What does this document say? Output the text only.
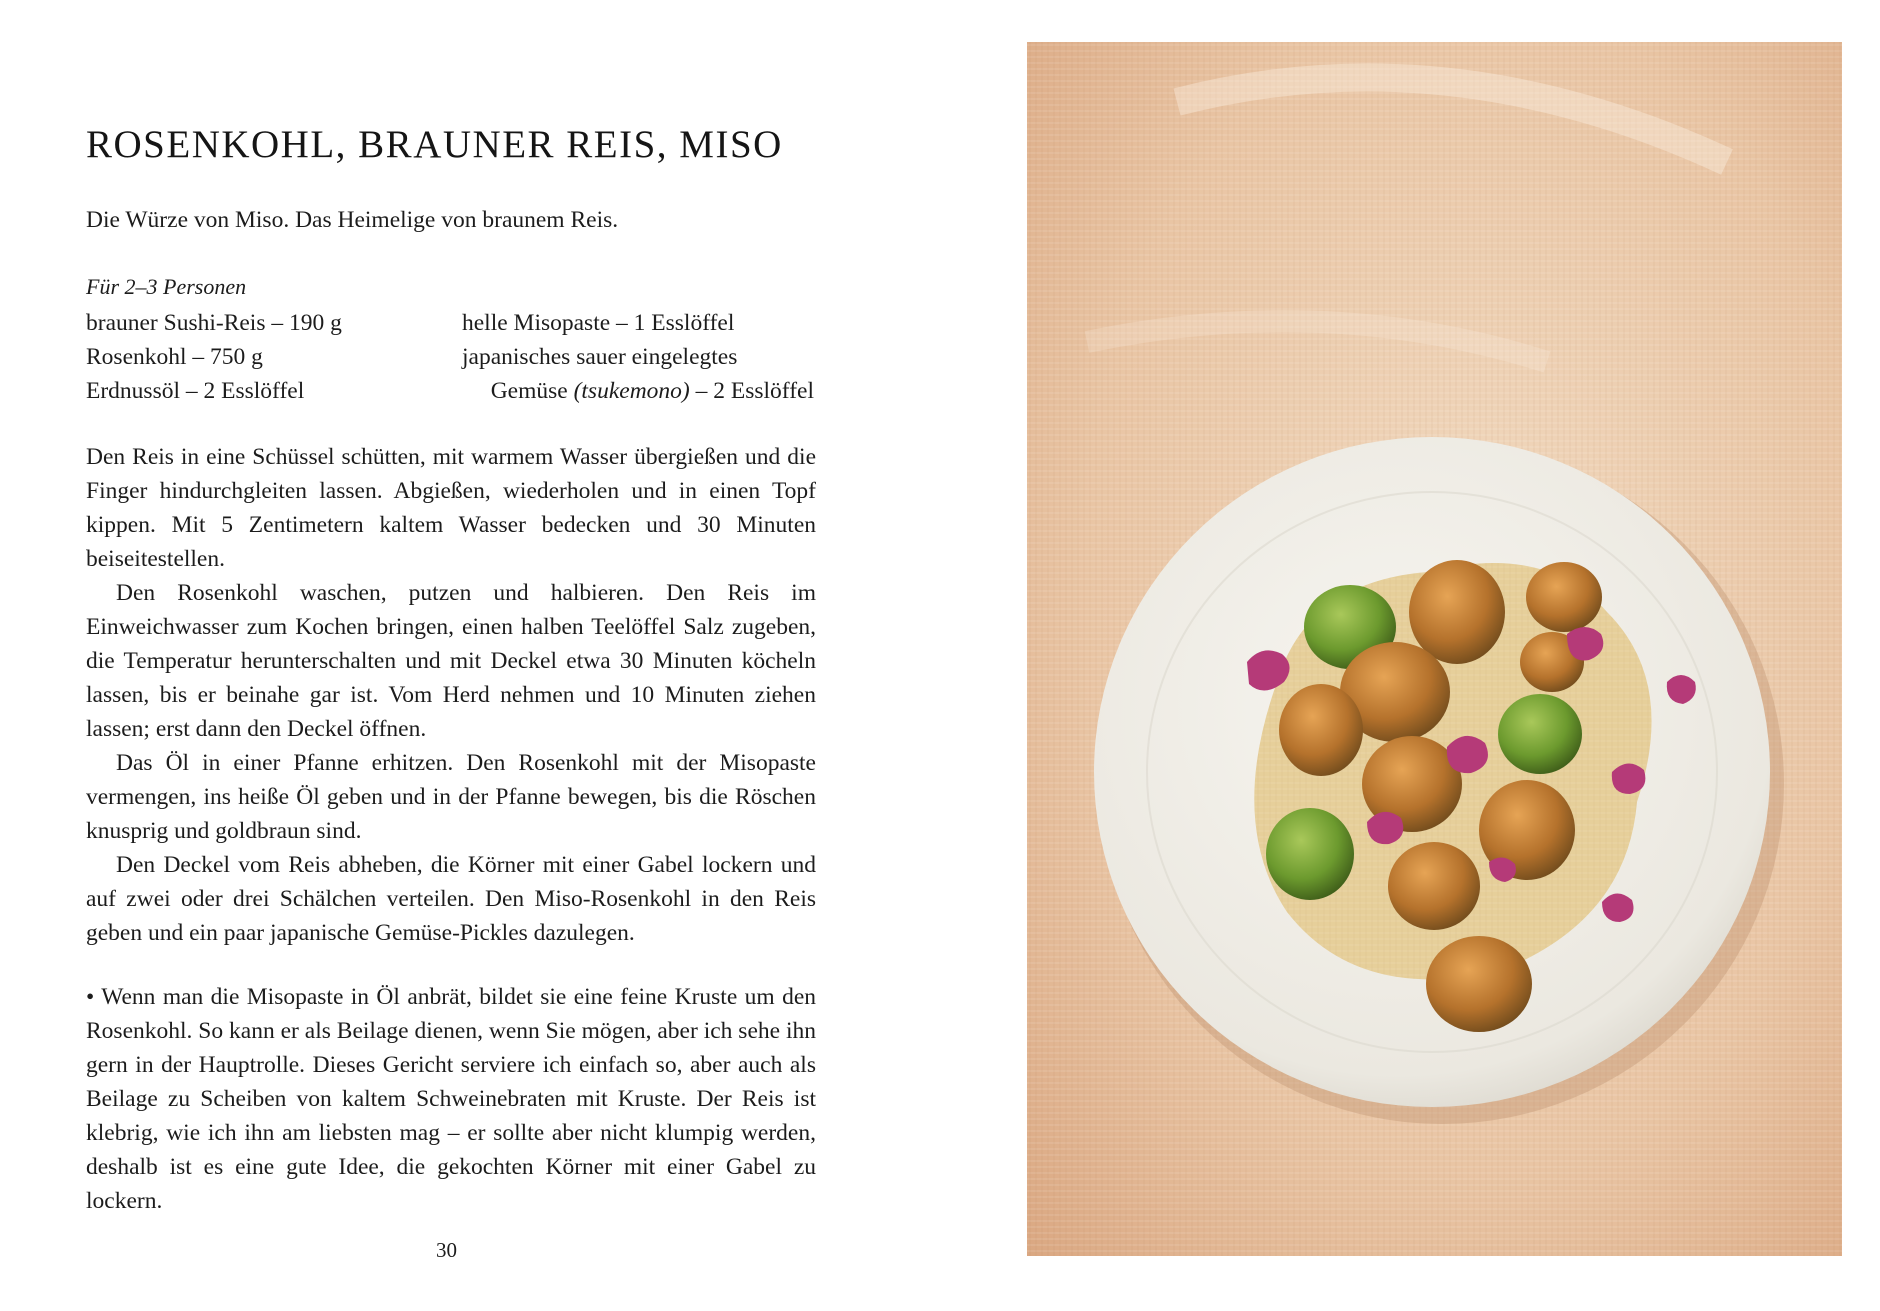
ROSENKOHL, BRAUNER REIS, MISO
Die Würze von Miso. Das Heimelige von braunem Reis.
Für 2–3 Personen
brauner Sushi-Reis – 190 g
Rosenkohl – 750 g
Erdnussöl – 2 Esslöffel
helle Misopaste – 1 Esslöffel
japanisches sauer eingelegtes
Gemüse (tsukemono) – 2 Esslöffel

Den Reis in eine Schüssel schütten, mit warmem Wasser übergießen und die Finger hindurchgleiten lassen. Abgießen, wiederholen und in einen Topf kippen. Mit 5 Zentimetern kaltem Wasser bedecken und 30 Minuten beiseitestellen.

Den Rosenkohl waschen, putzen und halbieren. Den Reis im Einweichwasser zum Kochen bringen, einen halben Teelöffel Salz zugeben, die Temperatur herunterschalten und mit Deckel etwa 30 Minuten köcheln lassen, bis er beinahe gar ist. Vom Herd nehmen und 10 Minuten ziehen lassen; erst dann den Deckel öffnen.

Das Öl in einer Pfanne erhitzen. Den Rosenkohl mit der Misopaste vermengen, ins heiße Öl geben und in der Pfanne bewegen, bis die Röschen knusprig und goldbraun sind.

Den Deckel vom Reis abheben, die Körner mit einer Gabel lockern und auf zwei oder drei Schälchen verteilen. Den Miso-Rosenkohl in den Reis geben und ein paar japanische Gemüse-Pickles dazulegen.

• Wenn man die Misopaste in Öl anbrät, bildet sie eine feine Kruste um den Rosenkohl. So kann er als Beilage dienen, wenn Sie mögen, aber ich sehe ihn gern in der Hauptrolle. Dieses Gericht serviere ich einfach so, aber auch als Beilage zu Scheiben von kaltem Schweinebraten mit Kruste. Der Reis ist klebrig, wie ich ihn am liebsten mag – er sollte aber nicht klumpig werden, deshalb ist es eine gute Idee, die gekochten Körner mit einer Gabel zu lockern.

30
